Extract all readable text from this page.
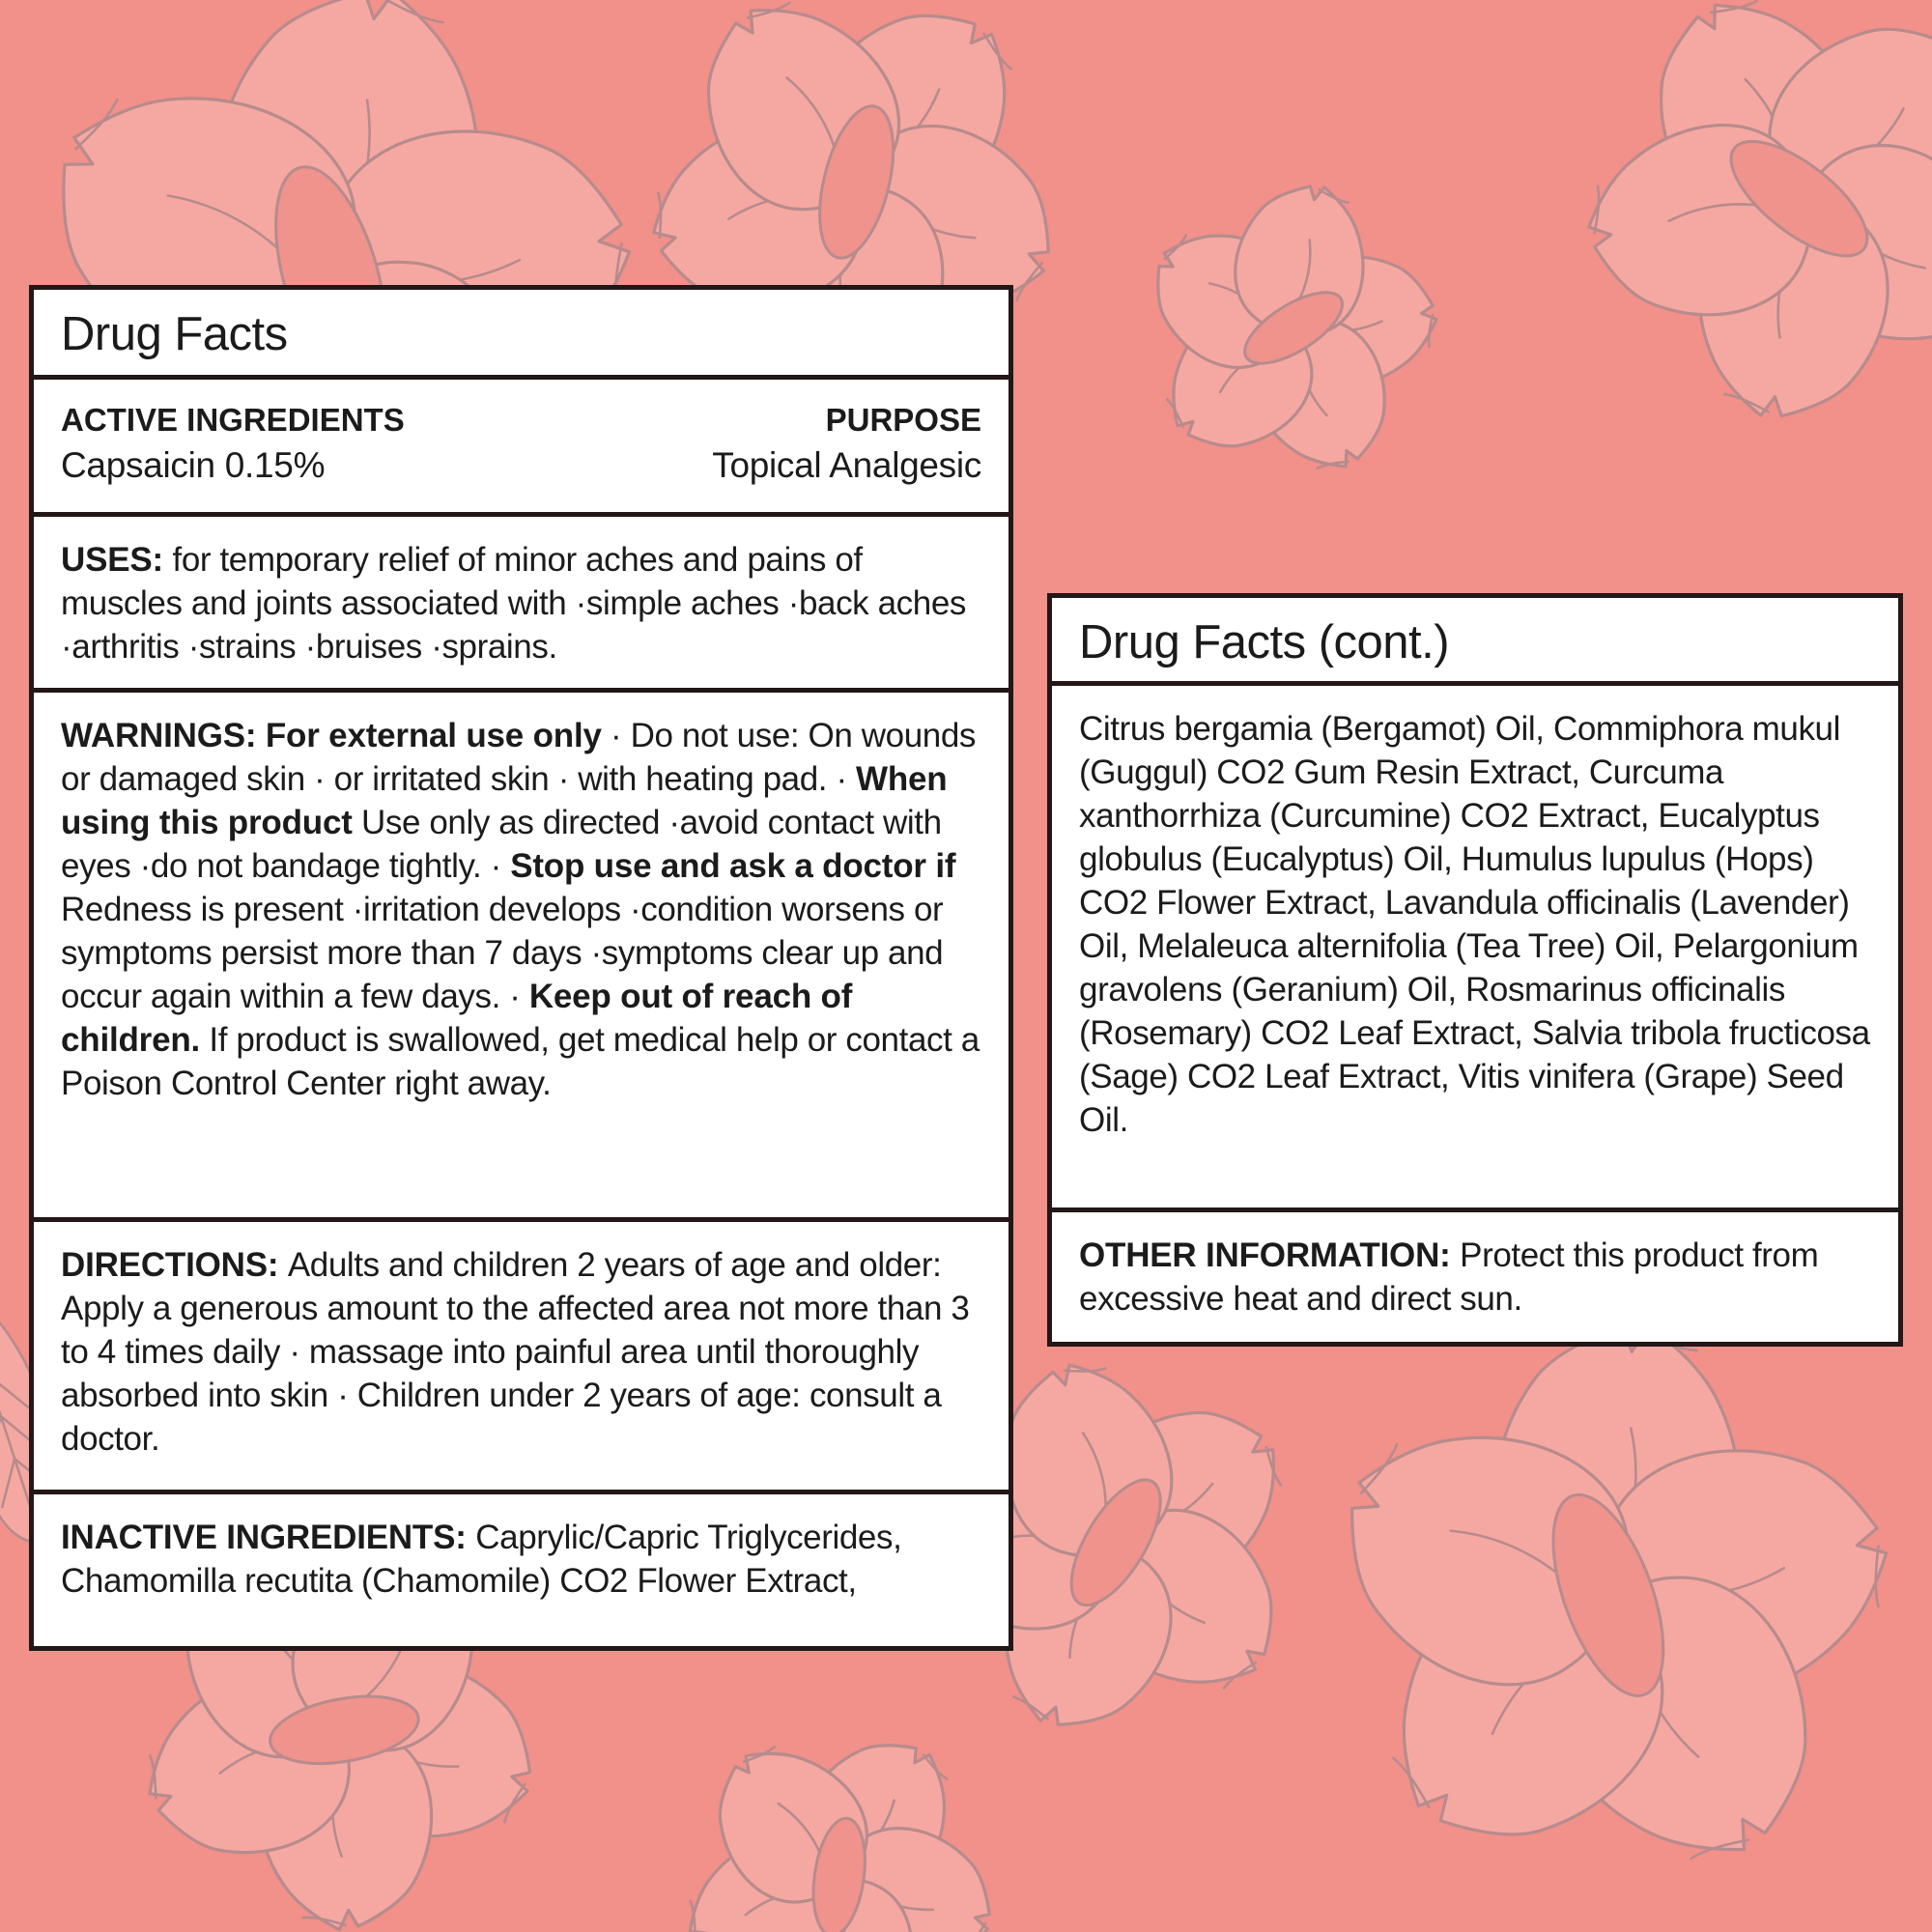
Drug Facts
ACTIVE INGREDIENTS
Capsaicin 0.15%
PURPOSE
Topical Analgesic
USES: for temporary relief of minor aches and pains of muscles and joints associated with ·simple aches ·back aches ·arthritis ·strains ·bruises ·sprains.
WARNINGS: For external use only · Do not use: On wounds or damaged skin · or irritated skin · with heating pad. · When using this product Use only as directed ·avoid contact with eyes ·do not bandage tightly. · Stop use and ask a doctor if Redness is present ·irritation develops ·condition worsens or symptoms persist more than 7 days ·symptoms clear up and occur again within a few days. · Keep out of reach of children. If product is swallowed, get medical help or contact a Poison Control Center right away.
DIRECTIONS: Adults and children 2 years of age and older: Apply a generous amount to the affected area not more than 3 to 4 times daily · massage into painful area until thoroughly absorbed into skin · Children under 2 years of age: consult a doctor.
INACTIVE INGREDIENTS: Caprylic/Capric Triglycerides, Chamomilla recutita (Chamomile) CO2 Flower Extract,
Drug Facts (cont.)
Citrus bergamia (Bergamot) Oil, Commiphora mukul (Guggul) CO2 Gum Resin Extract, Curcuma xanthorrhiza (Curcumine) CO2 Extract, Eucalyptus globulus (Eucalyptus) Oil, Humulus lupulus (Hops) CO2 Flower Extract, Lavandula officinalis (Lavender) Oil, Melaleuca alternifolia (Tea Tree) Oil, Pelargonium gravolens (Geranium) Oil, Rosmarinus officinalis (Rosemary) CO2 Leaf Extract, Salvia tribola fructicosa (Sage) CO2 Leaf Extract, Vitis vinifera (Grape) Seed Oil.
OTHER INFORMATION: Protect this product from excessive heat and direct sun.
